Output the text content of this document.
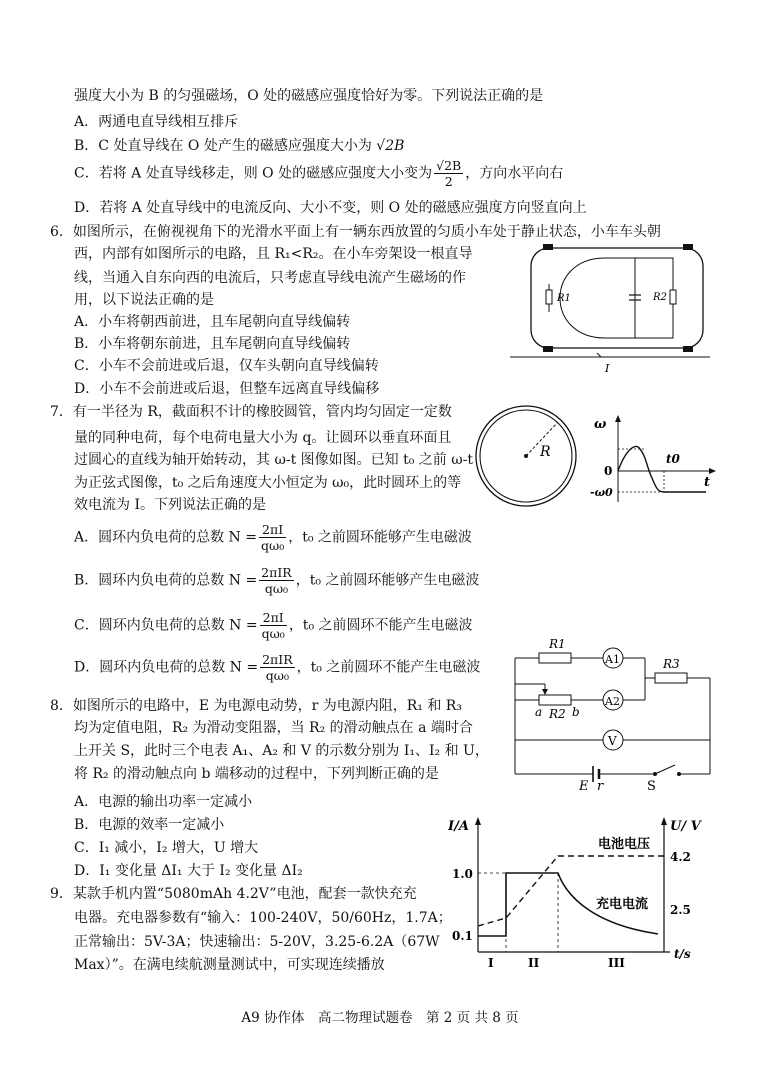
强度大小为 B 的匀强磁场，O 处的磁感应强度恰好为零。下列说法正确的是
A．两通电直导线相互排斥
B．C 处直导线在 O 处产生的磁感应强度大小为 √2B
C．若将 A 处直导线移走，则 O 处的磁感应强度大小变为 $\frac{√2B}{2}$ ，方向水平向右
D．若将 A 处直导线中的电流反向、大小不变，则 O 处的磁感应强度方向竖直向上
6．如图所示，在俯视视角下的光滑水平面上有一辆东西放置的匀质小车处于静止状态，小车车头朝
西，内部有如图所示的电路，且 R₁<R₂。在小车旁架设一根直导
线，当通入自东向西的电流后，只考虑直导线电流产生磁场的作
用，以下说法正确的是
A．小车将朝西前进，且车尾朝向直导线偏转
B．小车将朝东前进，且车尾朝向直导线偏转
C．小车不会前进或后退，仅车头朝向直导线偏转
D．小车不会前进或后退，但整车远离直导线偏移
R1	R2
I
7．有一半径为 R，截面积不计的橡胶圆管，管内均匀固定一定数
量的同种电荷，每个电荷电量大小为 q。让圆环以垂直环面且
过圆心的直线为轴开始转动，其 ω-t 图像如图。已知 t₀ 之前 ω-t
为正弦式图像，t₀ 之后角速度大小恒定为 ω₀，此时圆环上的等
效电流为 I。下列说法正确的是
A．圆环内负电荷的总数 $N = \frac{2\pi I}{\text{qω₀}}$ ，t₀ 之前圆环能够产生电磁波
B．圆环内负电荷的总数 $N = \frac{\text{2πIR}}{\text{qω₀}}$ ，t₀ 之前圆环能够产生电磁波
C．圆环内负电荷的总数 $N = \frac{2\pi I}{\text{qω₀}}$ ，t₀ 之前圆环不能产生电磁波
D．圆环内负电荷的总数 $N = \frac{\text{2πIR}}{\text{qω₀}}$ ，t₀ 之前圆环不能产生电磁波
R
ω
0
t0
t
-ω0
8．如图所示的电路中，E 为电源电动势，r 为电源内阻，R₁ 和 R₃
均为定值电阻，R₂ 为滑动变阻器，当 R₂ 的滑动触点在 a 端时合
上开关 S，此时三个电表 A₁、A₂ 和 V 的示数分别为 I₁、I₂ 和 U，
将 R₂ 的滑动触点向 b 端移动的过程中，下列判断正确的是
A．电源的输出功率一定减小
B．电源的效率一定减小
C．I₁ 减小，I₂ 增大，U 增大
D．I₁ 变化量 ΔI₁ 大于 I₂ 变化量 ΔI₂
R1
R3
A1
A2
V
a R2 b
E r	S
9．某款手机内置“5080mAh 4.2V”电池，配套一款快充充
电器。充电器参数有“输入：100-240V，50/60Hz，1.7A；
正常输出：5V-3A；快速输出：5-20V，3.25-6.2A（67W
Max）”。在满电续航测量测试中，可实现连续播放
I/A	U/ V
t/s
1.0
0.1
4.2
2.5
电池电压
充电电流
I	II	III
A9 协作体　高二物理试题卷　第 2 页 共 8 页
